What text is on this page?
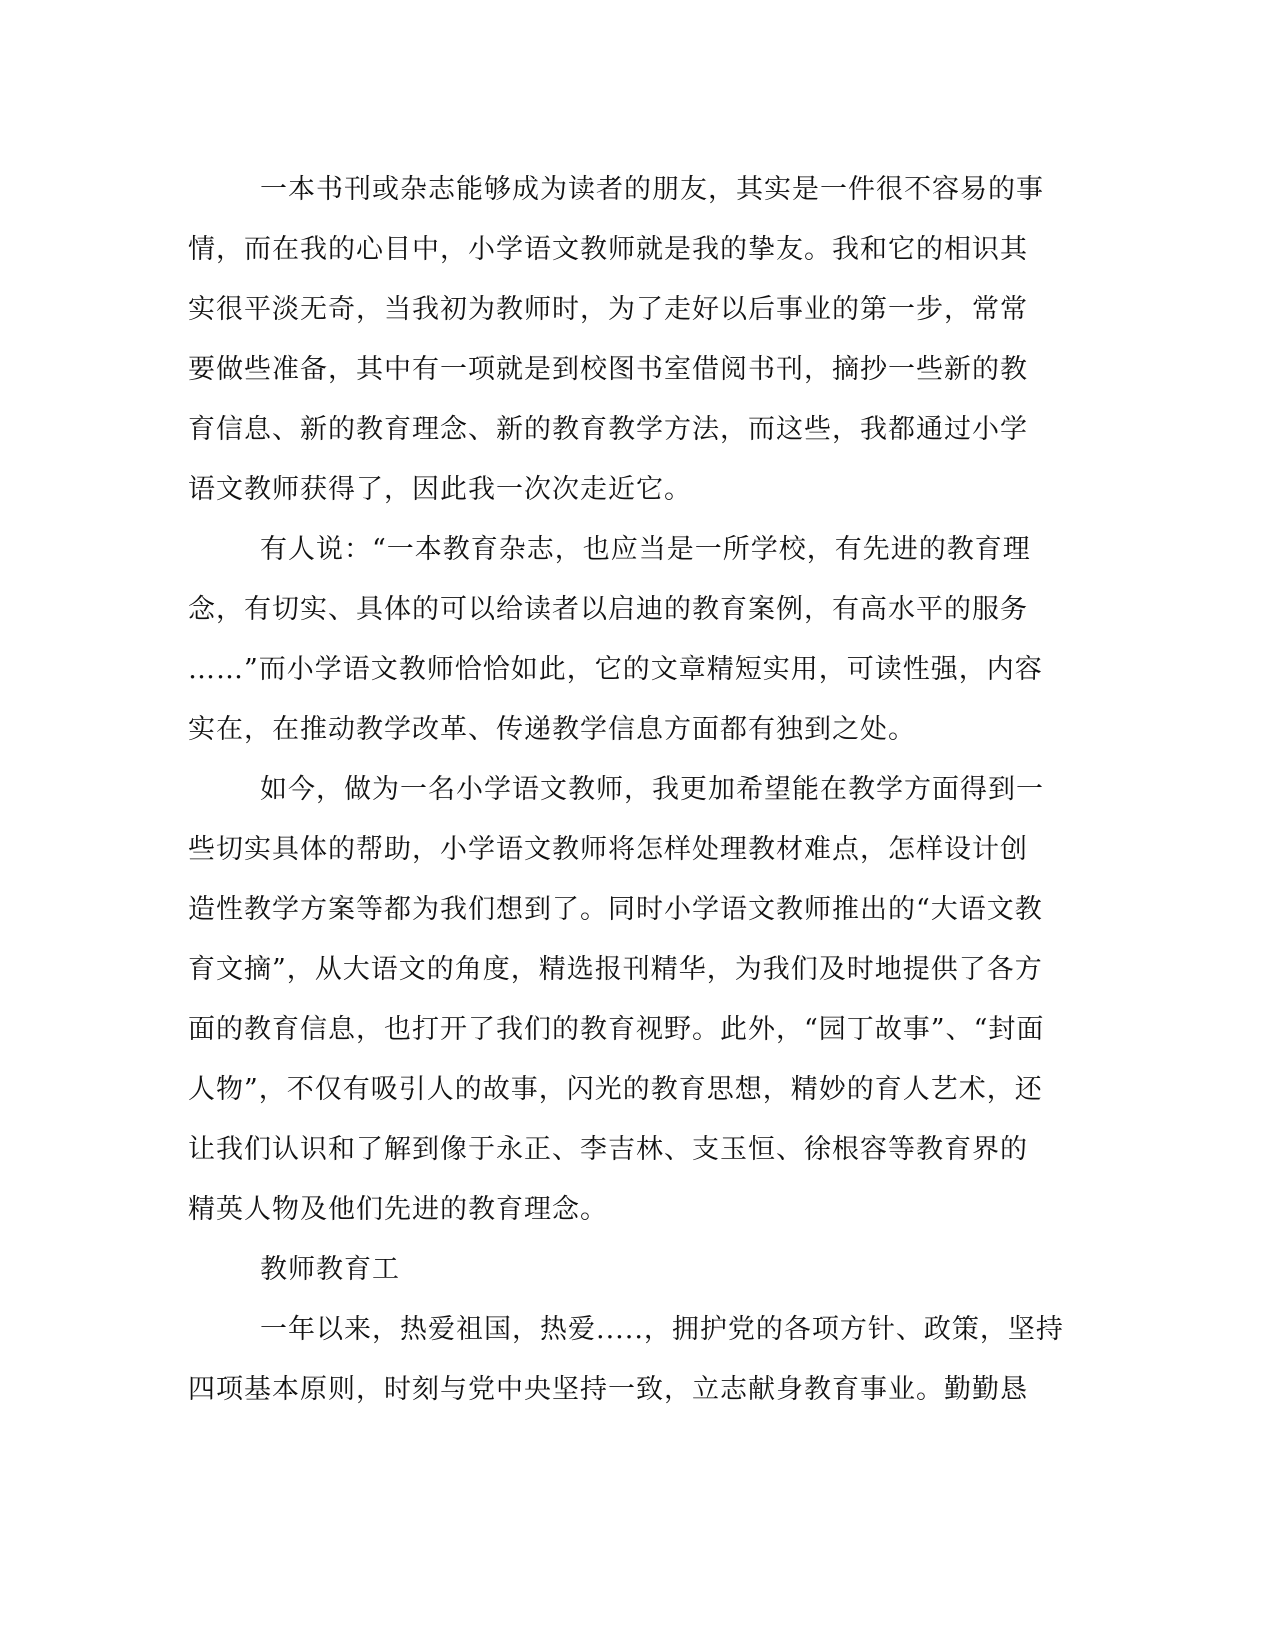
一本书刊或杂志能够成为读者的朋友，其实是一件很不容易的事
情，而在我的心目中，小学语文教师就是我的挚友。我和它的相识其
实很平淡无奇，当我初为教师时，为了走好以后事业的第一步，常常
要做些准备，其中有一项就是到校图书室借阅书刊，摘抄一些新的教
育信息、新的教育理念、新的教育教学方法，而这些，我都通过小学
语文教师获得了，因此我一次次走近它。
有人说：“一本教育杂志，也应当是一所学校，有先进的教育理
念，有切实、具体的可以给读者以启迪的教育案例，有高水平的服务
……”而小学语文教师恰恰如此，它的文章精短实用，可读性强，内容
实在，在推动教学改革、传递教学信息方面都有独到之处。
如今，做为一名小学语文教师，我更加希望能在教学方面得到一
些切实具体的帮助，小学语文教师将怎样处理教材难点，怎样设计创
造性教学方案等都为我们想到了。同时小学语文教师推出的“大语文教
育文摘”，从大语文的角度，精选报刊精华，为我们及时地提供了各方
面的教育信息，也打开了我们的教育视野。此外，“园丁故事”、“封面
人物”，不仅有吸引人的故事，闪光的教育思想，精妙的育人艺术，还
让我们认识和了解到像于永正、李吉林、支玉恒、徐根容等教育界的
精英人物及他们先进的教育理念。
教师教育工
一年以来，热爱祖国，热爱.....，拥护党的各项方针、政策，坚持
四项基本原则，时刻与党中央坚持一致，立志献身教育事业。勤勤恳
